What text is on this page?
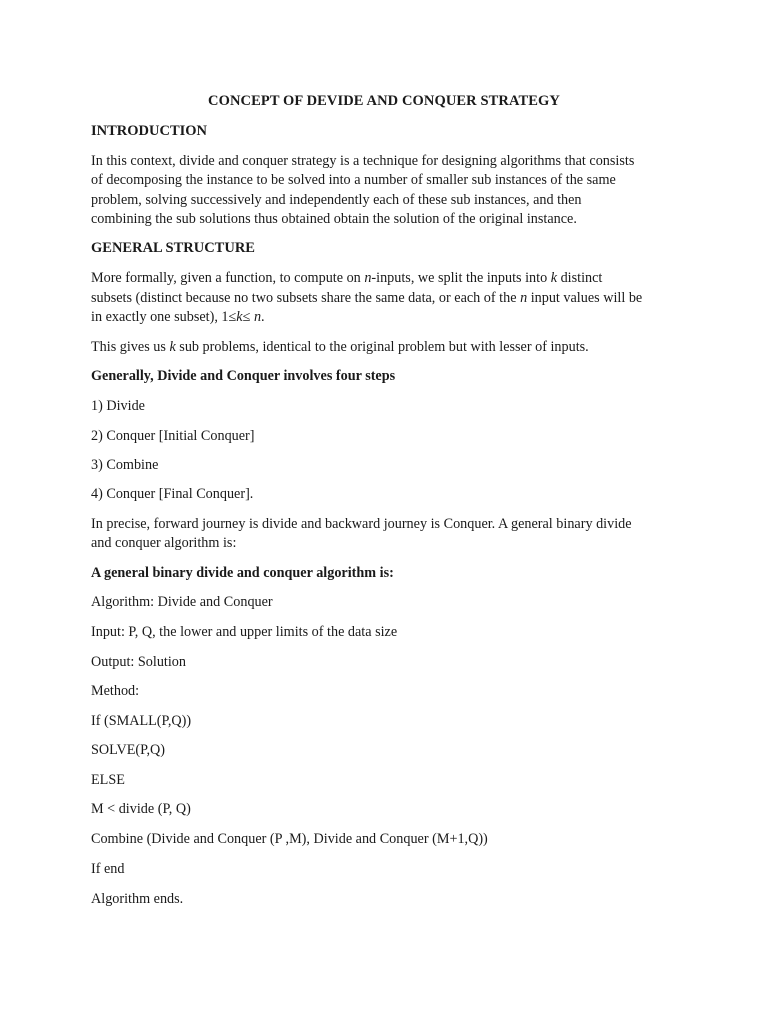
CONCEPT OF DEVIDE AND CONQUER STRATEGY
INTRODUCTION
In this context, divide and conquer strategy is a technique for designing algorithms that consists
of decomposing the instance to be solved into a number of smaller sub instances of the same
problem, solving successively and independently each of these sub instances, and then
combining the sub solutions thus obtained obtain the solution of the original instance.
GENERAL STRUCTURE
More formally, given a function, to compute on n-inputs, we split the inputs into k distinct
subsets (distinct because no two subsets share the same data, or each of the n input values will be
in exactly one subset), 1≤k≤ n.
This gives us k sub problems, identical to the original problem but with lesser of inputs.
Generally, Divide and Conquer involves four steps
1) Divide
2) Conquer [Initial Conquer]
3) Combine
4) Conquer [Final Conquer].
In precise, forward journey is divide and backward journey is Conquer. A general binary divide
and conquer algorithm is:
A general binary divide and conquer algorithm is:
Algorithm: Divide and Conquer
Input: P, Q, the lower and upper limits of the data size
Output: Solution
Method:
If (SMALL(P,Q))
SOLVE(P,Q)
ELSE
M < divide (P, Q)
Combine (Divide and Conquer (P ,M), Divide and Conquer (M+1,Q))
If end
Algorithm ends.
